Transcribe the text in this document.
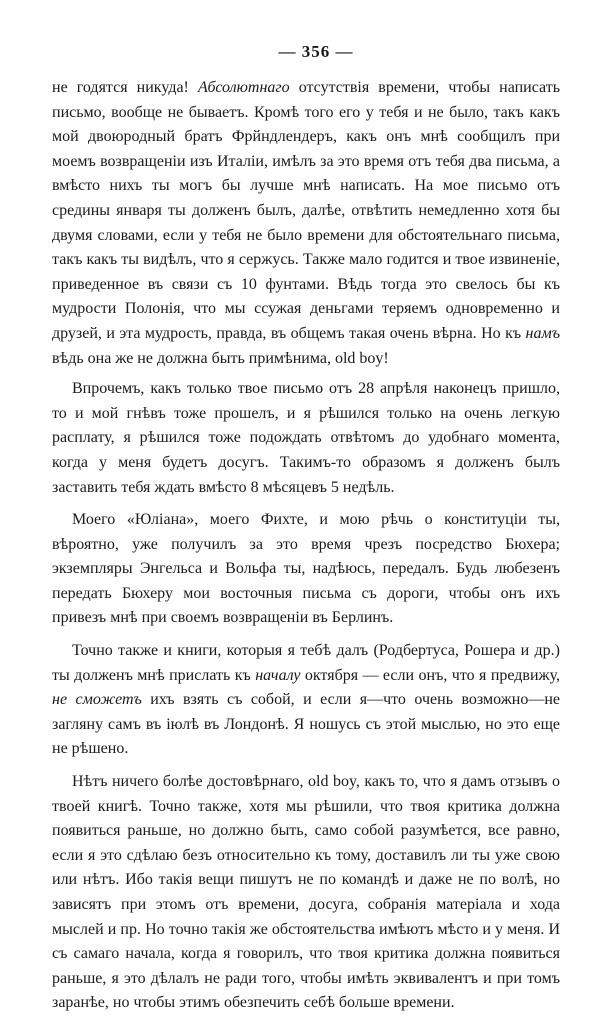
— 356 —

не годятся никуда! Абсолютнаго отсутствія времени, чтобы написать письмо, вообще не бываетъ. Кромѣ того его у тебя и не было, такъ какъ мой двоюродный братъ Фрйндлендеръ, какъ онъ мнѣ сообщилъ при моемъ возвращеніи изъ Италіи, имѣлъ за это время отъ тебя два письма, а вмѣсто нихъ ты могъ бы лучше мнѣ написать. На мое письмо отъ средины января ты долженъ былъ, далѣе, отвѣтить немедленно хотя бы двумя словами, если у тебя не было времени для обстоятельнаго письма, такъ какъ ты видѣлъ, что я сержусь. Также мало годится и твое извиненіе, приведенное въ связи съ 10 фунтами. Вѣдь тогда это свелось бы къ мудрости Полонія, что мы ссужая деньгами теряемъ одновременно и друзей, и эта мудрость, правда, въ общемъ такая очень вѣрна. Но къ намъ вѣдь она же не должна быть примѣнима, old boy!

Впрочемъ, какъ только твое письмо отъ 28 апрѣля наконецъ пришло, то и мой гнѣвъ тоже прошелъ, и я рѣшился только на очень легкую расплату, я рѣшился тоже подождать отвѣтомъ до удобнаго момента, когда у меня будетъ досугъ. Такимъ-то образомъ я долженъ былъ заставить тебя ждать вмѣсто 8 мѣсяцевъ 5 недѣль.

Моего «Юліана», моего Фихте, и мою рѣчь о конституціи ты, вѣроятно, уже получилъ за это время чрезъ посредство Бюхера; экземпляры Энгельса и Вольфа ты, надѣюсь, передалъ. Будь любезенъ передать Бюхеру мои восточныя письма съ дороги, чтобы онъ ихъ привезъ мнѣ при своемъ возвращеніи въ Берлинъ.

Точно также и книги, которыя я тебѣ далъ (Родбертуса, Рошера и др.) ты долженъ мнѣ прислать къ началу октября — если онъ, что я предвижу, не сможетъ ихъ взять съ собой, и если я—что очень возможно—не загляну самъ въ іюлѣ въ Лондонѣ. Я ношусь съ этой мыслью, но это еще не рѣшено.

Нѣтъ ничего болѣе достовѣрнаго, old boy, какъ то, что я дамъ отзывъ о твоей книгѣ. Точно также, хотя мы рѣшили, что твоя критика должна появиться раньше, но должно быть, само собой разумѣется, все равно, если я это сдѣлаю безъ относительно къ тому, доставилъ ли ты уже свою или нѣтъ. Ибо такія вещи пишутъ не по командѣ и даже не по волѣ, но зависятъ при этомъ отъ времени, досуга, собранія матеріала и хода мыслей и пр. Но точно такія же обстоятельства имѣютъ мѣсто и у меня. И съ самаго начала, когда я говорилъ, что твоя критика должна появиться раньше, я это дѣлалъ не ради того, чтобы имѣть эквивалентъ и при томъ заранѣе, но чтобы этимъ обезпечить себѣ больше времени.
